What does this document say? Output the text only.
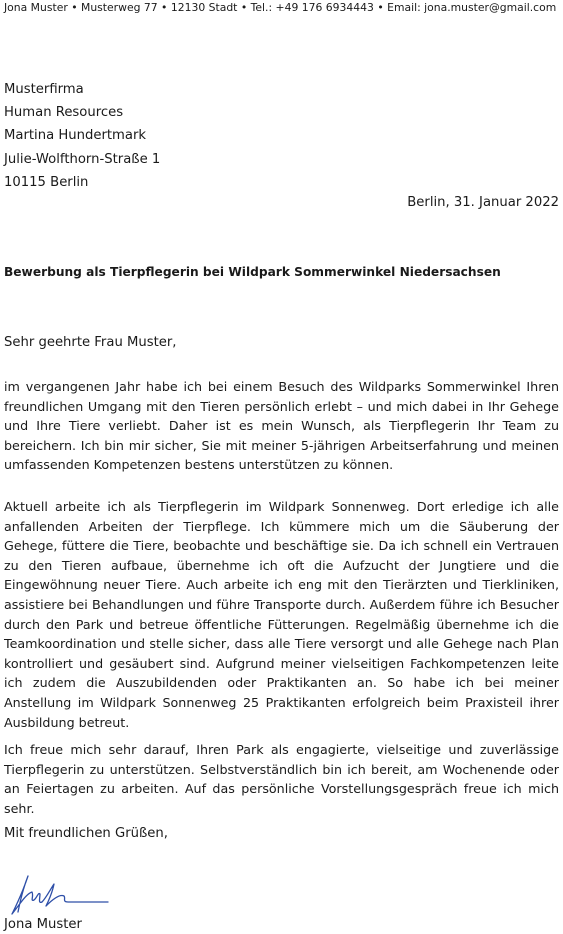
Jona Muster • Musterweg 77 • 12130 Stadt • Tel.: +49 176 6934443 • Email: jona.muster@gmail.com
Musterfirma
Human Resources
Martina Hundertmark
Julie-Wolfthorn-Straße 1
10115 Berlin
Berlin, 31. Januar 2022
Bewerbung als Tierpflegerin bei Wildpark Sommerwinkel Niedersachsen
Sehr geehrte Frau Muster,
im vergangenen Jahr habe ich bei einem Besuch des Wildparks Sommerwinkel Ihren freundlichen Umgang mit den Tieren persönlich erlebt – und mich dabei in Ihr Gehege und Ihre Tiere verliebt. Daher ist es mein Wunsch, als Tierpflegerin Ihr Team zu bereichern. Ich bin mir sicher, Sie mit meiner 5-jährigen Arbeitserfahrung und meinen umfassenden Kompetenzen bestens unterstützen zu können.
Aktuell arbeite ich als Tierpflegerin im Wildpark Sonnenweg. Dort erledige ich alle anfallenden Arbeiten der Tierpflege. Ich kümmere mich um die Säuberung der Gehege, füttere die Tiere, beobachte und beschäftige sie. Da ich schnell ein Vertrauen zu den Tieren aufbaue, übernehme ich oft die Aufzucht der Jungtiere und die Eingewöhnung neuer Tiere. Auch arbeite ich eng mit den Tierärzten und Tierkliniken, assistiere bei Behandlungen und führe Transporte durch. Außerdem führe ich Besucher durch den Park und betreue öffentliche Fütterungen. Regelmäßig übernehme ich die Teamkoordination und stelle sicher, dass alle Tiere versorgt und alle Gehege nach Plan kontrolliert und gesäubert sind. Aufgrund meiner vielseitigen Fachkompetenzen leite ich zudem die Auszubildenden oder Praktikanten an. So habe ich bei meiner Anstellung im Wildpark Sonnenweg 25 Praktikanten erfolgreich beim Praxisteil ihrer Ausbildung betreut.
Ich freue mich sehr darauf, Ihren Park als engagierte, vielseitige und zuverlässige Tierpflegerin zu unterstützen. Selbstverständlich bin ich bereit, am Wochenende oder an Feiertagen zu arbeiten. Auf das persönliche Vorstellungsgespräch freue ich mich sehr.
Mit freundlichen Grüßen,
Jona Muster
